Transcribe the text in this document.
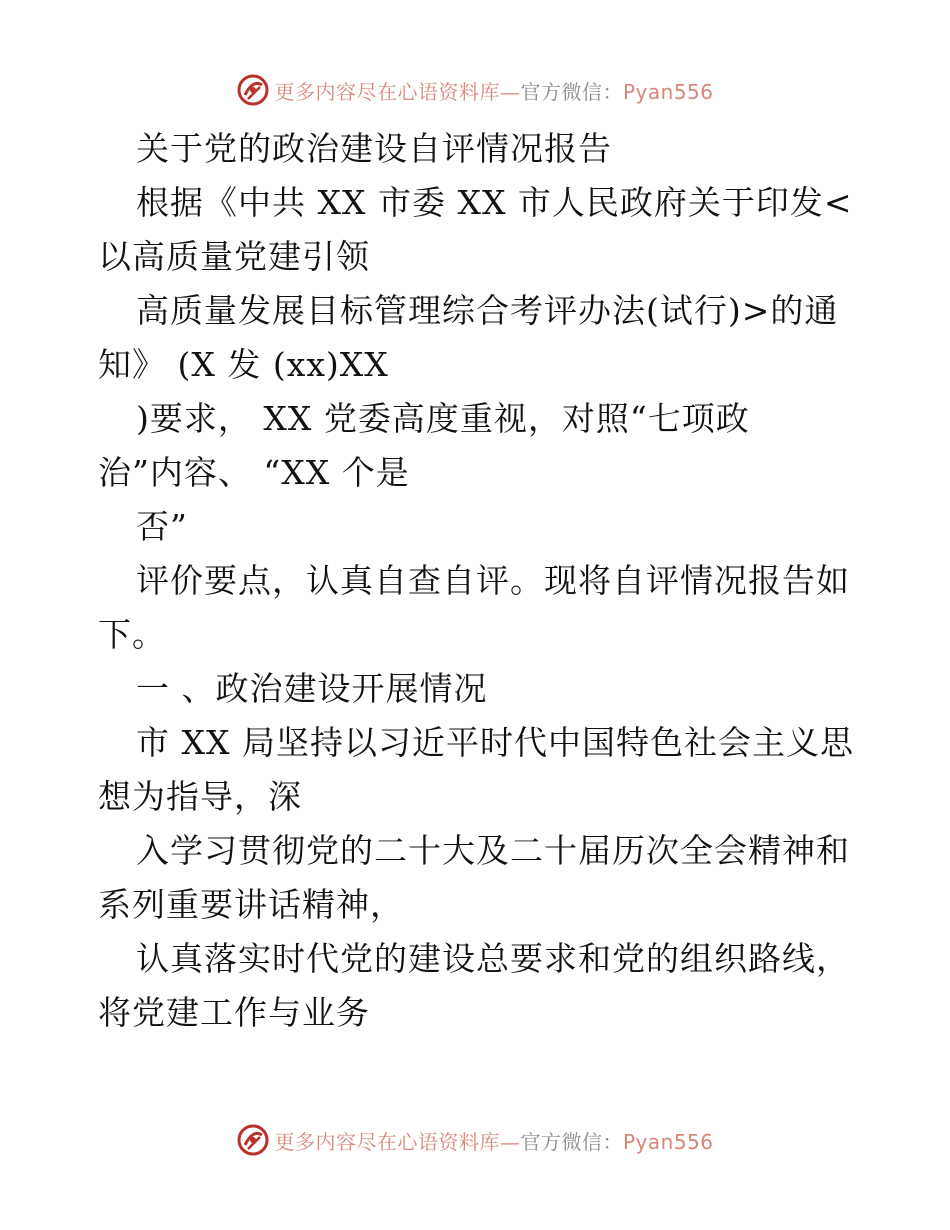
更多内容尽在心语资料库—官方微信：Pyan556
关于党的政治建设自评情况报告
根据《中共 XX 市委 XX 市人民政府关于印发<
以高质量党建引领
高质量发展目标管理综合考评办法(试行)>的通
知》 (X 发 (xx)XX
)要求， XX 党委高度重视，对照“七项政
治”内容、 “XX 个是
否”
评价要点，认真自查自评。现将自评情况报告如
下。
一 、政治建设开展情况
市 XX 局坚持以习近平时代中国特色社会主义思
想为指导，深
入学习贯彻党的二十大及二十届历次全会精神和
系列重要讲话精神，
认真落实时代党的建设总要求和党的组织路线，
将党建工作与业务
更多内容尽在心语资料库—官方微信：Pyan556
